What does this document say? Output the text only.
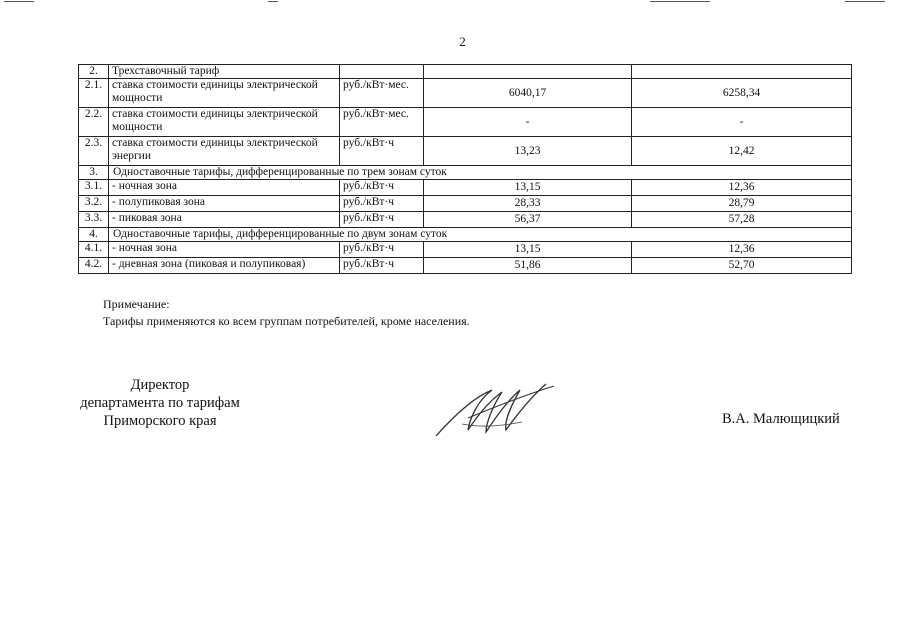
2
2.	Трехставочный тариф			
2.1.	ставка стоимости единицы электрической мощности	руб./кВт·мес.	6040,17	6258,34
2.2.	ставка стоимости единицы электрической мощности	руб./кВт·мес.	-	-
2.3.	ставка стоимости единицы электрической энергии	руб./кВт·ч	13,23	12,42
3.	Одноставочные тарифы, дифференцированные по трем зонам суток			
3.1.	- ночная зона	руб./кВт·ч	13,15	12,36
3.2.	- полупиковая зона	руб./кВт·ч	28,33	28,79
3.3.	- пиковая зона	руб./кВт·ч	56,37	57,28
4.	Одноставочные тарифы, дифференцированные по двум зонам суток			
4.1.	- ночная зона	руб./кВт·ч	13,15	12,36
4.2.	- дневная зона (пиковая и полупиковая)	руб./кВт·ч	51,86	52,70
Примечание:
Тарифы применяются ко всем группам потребителей, кроме населения.
Директор
департамента по тарифам
Приморского края	В.А. Малющицкий
